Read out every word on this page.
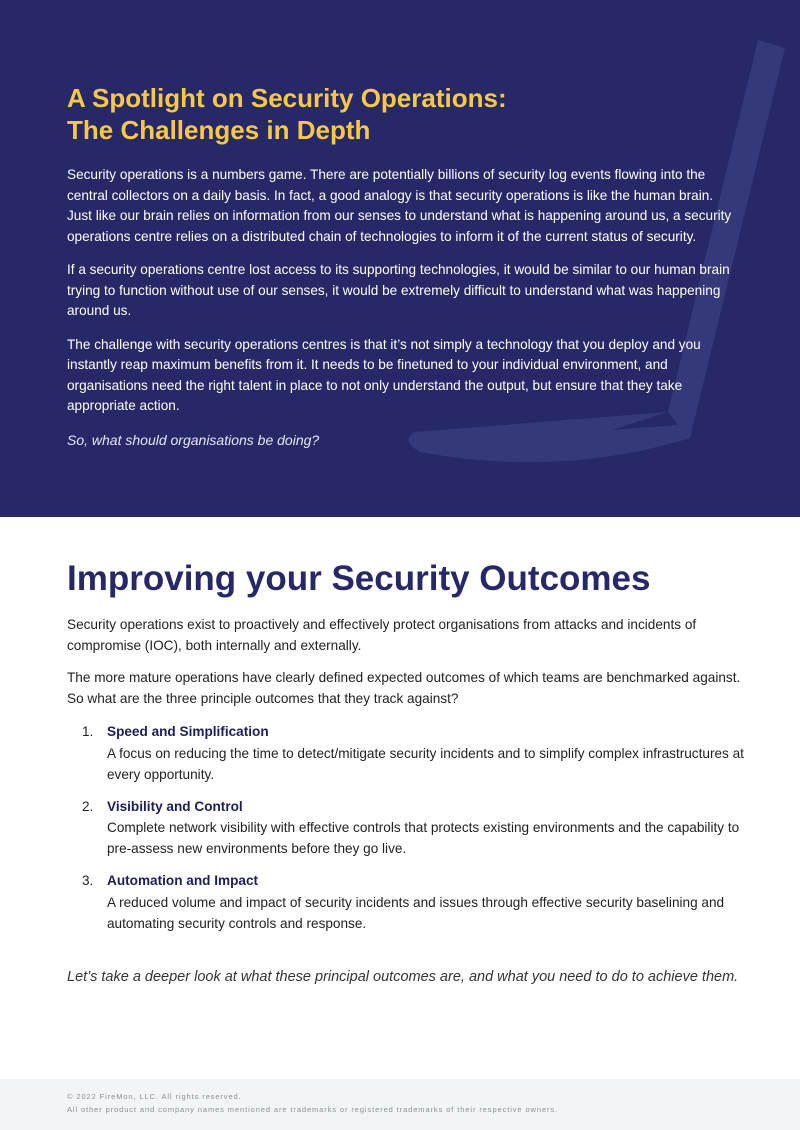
A Spotlight on Security Operations:
The Challenges in Depth

Security operations is a numbers game. There are potentially billions of security log events flowing into the central collectors on a daily basis. In fact, a good analogy is that security operations is like the human brain. Just like our brain relies on information from our senses to understand what is happening around us, a security operations centre relies on a distributed chain of technologies to inform it of the current status of security.

If a security operations centre lost access to its supporting technologies, it would be similar to our human brain trying to function without use of our senses, it would be extremely difficult to understand what was happening around us.

The challenge with security operations centres is that it’s not simply a technology that you deploy and you instantly reap maximum benefits from it. It needs to be finetuned to your individual environment, and organisations need the right talent in place to not only understand the output, but ensure that they take appropriate action.

So, what should organisations be doing?
Improving your Security Outcomes

Security operations exist to proactively and effectively protect organisations from attacks and incidents of compromise (IOC), both internally and externally.

The more mature operations have clearly defined expected outcomes of which teams are benchmarked against. So what are the three principle outcomes that they track against?

1. Speed and Simplification
A focus on reducing the time to detect/mitigate security incidents and to simplify complex infrastructures at every opportunity.
2. Visibility and Control
Complete network visibility with effective controls that protects existing environments and the capability to pre-assess new environments before they go live.
3. Automation and Impact
A reduced volume and impact of security incidents and issues through effective security baselining and automating security controls and response.

Let’s take a deeper look at what these principal outcomes are, and what you need to do to achieve them.

© 2022 FireMon, LLC. All rights reserved.
All other product and company names mentioned are trademarks or registered trademarks of their respective owners.
